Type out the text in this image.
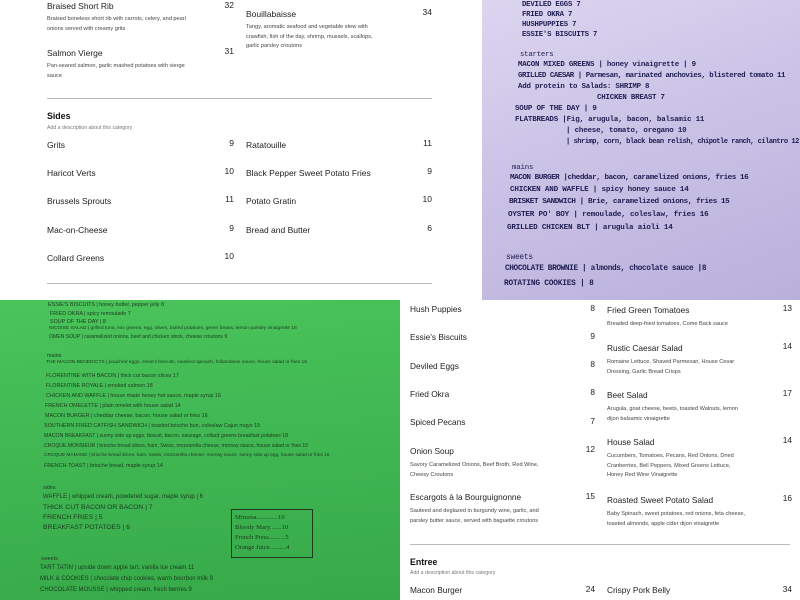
Braised Short Rib
Braised boneless short rib with carrots, celery, and pearl onions served with creamy grits
32
Bouillabaisse
Tangy, aromatic seafood and vegetable stew with crawfish, fish of the day, shrimp, mussels, scallops, garlic parsley croutons
34
Salmon Vierge
Pan-seared salmon, garlic mashed potatoes with vierge sauce
31
Sides
Add a description about this category
Grits	9 Ratatouille	11
Haricot Verts	10 Black Pepper Sweet Potato Fries	9
Brussels Sprouts	11 Potato Gratin	10
Mac-on-Cheese	9 Bread and Butter	6
Collard Greens	10
DEVILED EGGS 7
FRIED OKRA 7
HUSHPUPPIES 7
ESSIE'S BISCUITS 7
starters
MACON MIXED GREENS | honey vinaigrette | 9
GRILLED CAESAR | Parmesan, marinated anchovies, blistered tomato 11
Add protein to Salads: SHRIMP 8
CHICKEN BREAST 7
SOUP OF THE DAY | 9
FLATBREADS |Fig, arugula, bacon, balsamic 11
| cheese, tomato, oregano 10
| shrimp, corn, black bean relish, chipotle ranch, cilantro 12
mains
MACON BURGER |cheddar, bacon, caramelized onions, fries 16
CHICKEN AND WAFFLE | spicy honey sauce 14
BRISKET SANDWICH | Brie, caramelized onions, fries 15
OYSTER PO' BOY | remoulade, coleslaw, fries 16
GRILLED CHICKEN BLT | arugula aioli 14
sweets
CHOCOLATE BROWNIE | almonds, chocolate sauce |8
ROTATING COOKIES | 8
ESSIE'S BISCUITS | honey butter, pepper jelly 8
FRIED OKRA | spicy remoulade 7
SOUP OF THE DAY | 8
NICOISE SALAD | grilled tuna, mix greens, egg, olives, boiled potatoes, green beans, lemon parsley vinaigrette 16
OMEN SOUP | caramelized onions, beef and chicken stock, cheese croutons 9
mains
THE MACON BENEDICTS | poached eggs, essie's biscuits, sautéed spinach, hollandaise sauce, house salad or fries 16
FLORENTINE WITH BACON | thick cut bacon slices 17
FLORENTINE ROYALE | smoked salmon 18
CHICKEN AND WAFFLE | house made honey hot sauce, maple syrup 16
FRENCH OMELETTE | plain omelet with house salad 14
MACON BURGER | cheddar cheese, bacon, house salad or fries 16
SOUTHERN FRIED CATFISH SANDWICH | toasted brioche bun, coleslaw Cajun mayo 15
MACON BREAKFAST | sunny side up eggs, biscuit, bacon, sausage, collard greens breakfast potatoes 18
CROQUE MONSIEUR | brioche bread slices, ham, Swiss, mozzarella cheese, mornay sauce, house salad or fries 15
CROQUE MADAME | brioche bread slices, ham, Swiss, mozzarella cheese, mornay sauce, sunny side up egg, house salad or fries 16
FRENCH TOAST | brioche bread, maple syrup 14
sides
WAFFLE | whipped cream, powdered sugar, maple syrup | 6
THICK CUT BACON OR BACON | 7
FRENCH FRIES | 5
BREAKFAST POTATOES | 6
sweets
TART TATIN | upside down apple tart, vanilla ice cream 11
MILK & COOKIES | chocolate chip cookies, warm bourbon milk 9
CHOCOLATE MOUSSE | whipped cream, fresh berries 9
Mimosa.............10
Bloody Mary.......10
French Press..........5
Orange Juice..........4
Hush Puppies	8
Essie's Biscuits	9
Deviled Eggs	8
Fried Okra	8
Spiced Pecans	7
Onion Soup
Savory Caramelized Onions, Beef Broth, Red Wine, Cheesy Croutons
12
Escargots à la Bourguignonne
Sauteed and deglazed in burgundy wine, garlic, and parsley butter sauce, served with baguette croutons
15
Fried Green Tomatoes
Breaded deep-fried tomatoes, Come Back sauce
13
Rustic Caesar Salad
Romaine Lettuce, Shaved Parmesan, House Cesar Dressing, Garlic Bread Crisps
14
Beet Salad
Arugula, goat cheese, beets, toasted Walnuts, lemon dijon balsamic vinaigrette
17
House Salad
Cucumbers, Tomatoes, Pecans, Red Onions, Dried Cranberries, Bell Peppers, Mixed Greens Lettuce, Honey Red Wine Vinaigrette
14
Roasted Sweet Potato Salad
Baby Spinach, sweet potatoes, red onions, feta cheese, toasted almonds, apple cider dijon vinaigrette
16
Entree
Add a description about this category
Macon Burger	24 Crispy Pork Belly	34
